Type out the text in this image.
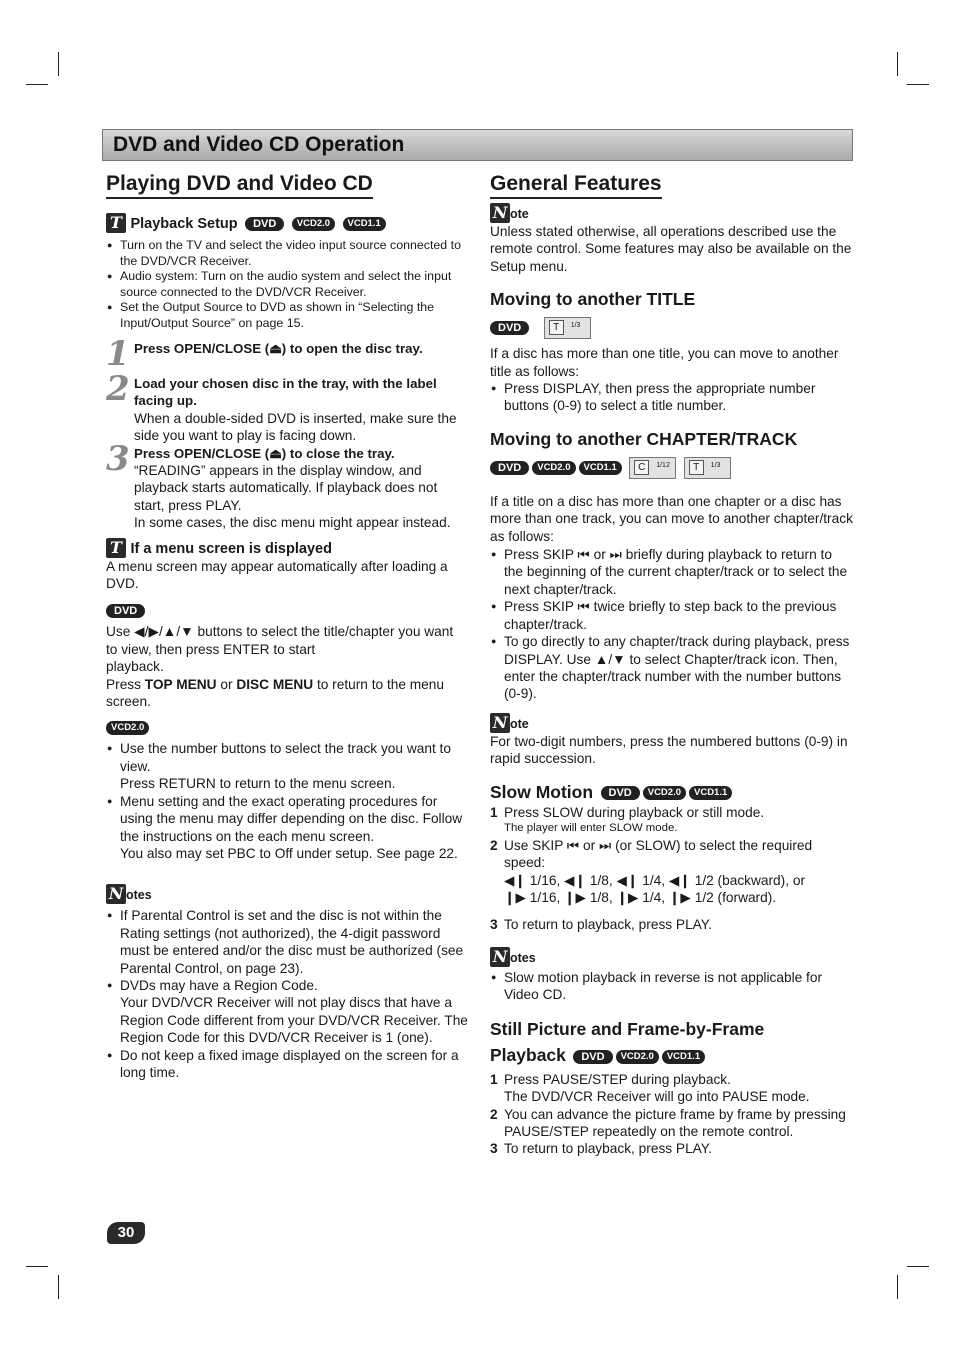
DVD and Video CD Operation
Playing DVD and Video CD
T Playback Setup DVD VCD2.0 VCD1.1
● Turn on the TV and select the video input source connected to the DVD/VCR Receiver.
● Audio system: Turn on the audio system and select the input source connected to the DVD/VCR Receiver.
● Set the Output Source to DVD as shown in “Selecting the Input/Output Source” on page 15.
1 Press OPEN/CLOSE (⏏) to open the disc tray.
2 Load your chosen disc in the tray, with the label facing up.
When a double-sided DVD is inserted, make sure the side you want to play is facing down.
3 Press OPEN/CLOSE (⏏) to close the tray.
“READING” appears in the display window, and playback starts automatically. If playback does not start, press PLAY.
In some cases, the disc menu might appear instead.
T If a menu screen is displayed
A menu screen may appear automatically after loading a DVD.
DVD
Use ◀/▶/▲/▼ buttons to select the title/chapter you want to view, then press ENTER to start
playback.
Press TOP MENU or DISC MENU to return to the menu screen.
VCD2.0
● Use the number buttons to select the track you want to view.
Press RETURN to return to the menu screen.
● Menu setting and the exact operating procedures for using the menu may differ depending on the disc. Follow the instructions on the each menu screen.
You also may set PBC to Off under setup. See page 22.
N otes
● If Parental Control is set and the disc is not within the Rating settings (not authorized), the 4-digit password must be entered and/or the disc must be authorized (see Parental Control, on page 23).
● DVDs may have a Region Code.
Your DVD/VCR Receiver will not play discs that have a Region Code different from your DVD/VCR Receiver. The Region Code for this DVD/VCR Receiver is 1 (one).
● Do not keep a fixed image displayed on the screen for a long time.
General Features
N ote
Unless stated otherwise, all operations described use the remote control. Some features may also be available on the Setup menu.
Moving to another TITLE
DVD	T	1/3
If a disc has more than one title, you can move to another title as follows:
● Press DISPLAY, then press the appropriate number buttons (0-9) to select a title number.
Moving to another CHAPTER/TRACK
DVD VCD2.0 VCD1.1	C	1/12
	T	1/3
If a title on a disc has more than one chapter or a disc has more than one track, you can move to another chapter/track as follows:
● Press SKIP ⏮ or ⏭ briefly during playback to return to the beginning of the current chapter/track or to select the next chapter/track.
● Press SKIP ⏮ twice briefly to step back to the previous chapter/track.
● To go directly to any chapter/track during playback, press DISPLAY. Use ▲/▼ to select Chapter/track icon. Then, enter the chapter/track number with the number buttons (0-9).
N ote
For two-digit numbers, press the numbered buttons (0-9) in rapid succession.
Slow Motion DVD VCD2.0 VCD1.1
1 Press SLOW during playback or still mode.
The player will enter SLOW mode.
2 Use SKIP ⏮ or ⏭ (or SLOW) to select the required speed:
◀❙ 1/16, ◀❙ 1/8, ◀❙ 1/4, ◀❙ 1/2 (backward), or
❙▶ 1/16, ❙▶ 1/8, ❙▶ 1/4, ❙▶ 1/2 (forward).
3 To return to playback, press PLAY.
N otes
● Slow motion playback in reverse is not applicable for Video CD.
Still Picture and Frame-by-Frame
Playback DVD VCD2.0 VCD1.1
1 Press PAUSE/STEP during playback.
The DVD/VCR Receiver will go into PAUSE mode.
2 You can advance the picture frame by frame by pressing PAUSE/STEP repeatedly on the remote control.
3 To return to playback, press PLAY.
30
